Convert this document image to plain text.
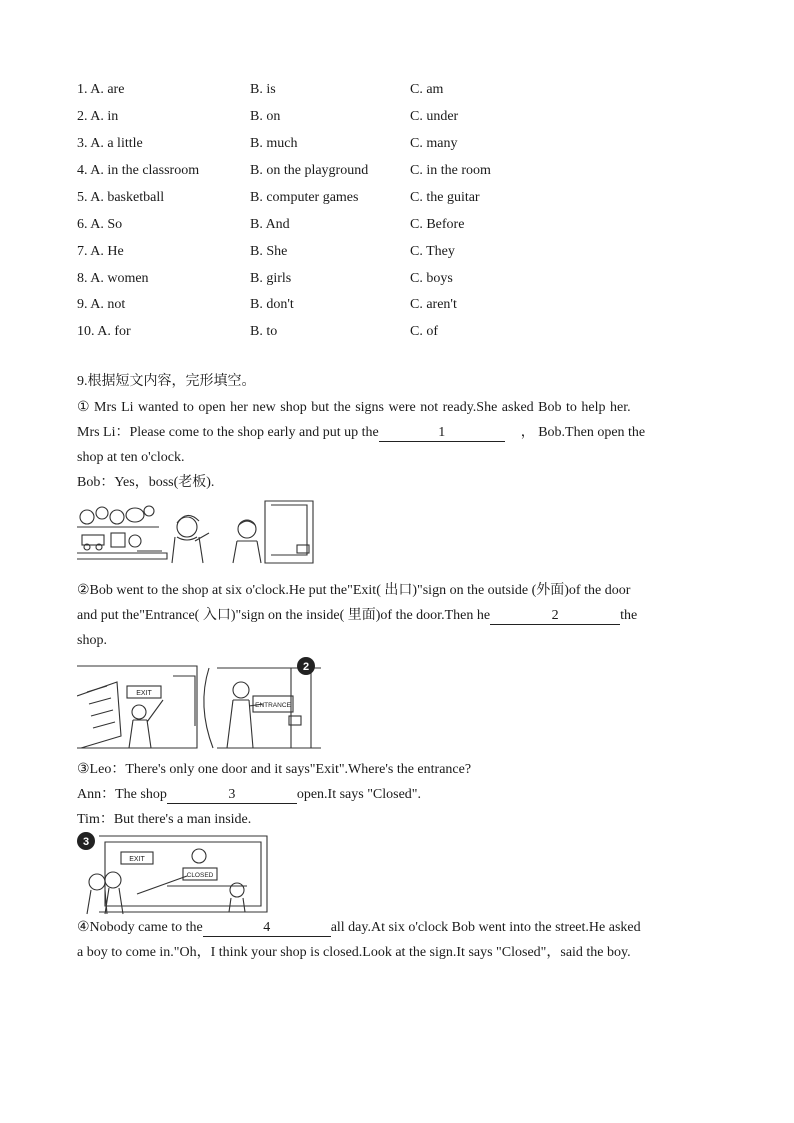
1. A. are	B. is	C. am
2. A. in	B. on	C. under
3. A. a little	B. much	C. many
4. A. in the classroom	B. on the playground	C. in the room
5. A. basketball	B. computer games	C. the guitar
6. A. So	B. And	C. Before
7. A. He	B. She	C. They
8. A. women	B. girls	C. boys
9. A. not	B. don't	C. aren't
10. A. for	B. to	C. of
9.根据短文内容，完形填空。
① Mrs Li wanted to open her new shop but the signs were not ready.She asked Bob to help her.
Mrs Li：Please come to the shop early and put up the	1	， Bob.Then open the
shop at ten o'clock.
Bob：Yes，boss(老板).
②Bob went to the shop at six o'clock.He put the"Exit( 出口)"sign on the outside (外面)of the door
and put the"Entrance( 入口)"sign on the inside( 里面)of the door.Then he	2	the
shop.
2
EXIT
ENTRANCE
③Leo：There's only one door and it says"Exit".Where's the entrance?
Ann：The shop	3	open.It says "Closed".
Tim：But there's a man inside.
3
EXIT
CLOSED
④Nobody came to the	4	all day.At six o'clock Bob went into the street.He asked
a boy to come in."Oh，I think your shop is closed.Look at the sign.It says "Closed"，said the boy.
